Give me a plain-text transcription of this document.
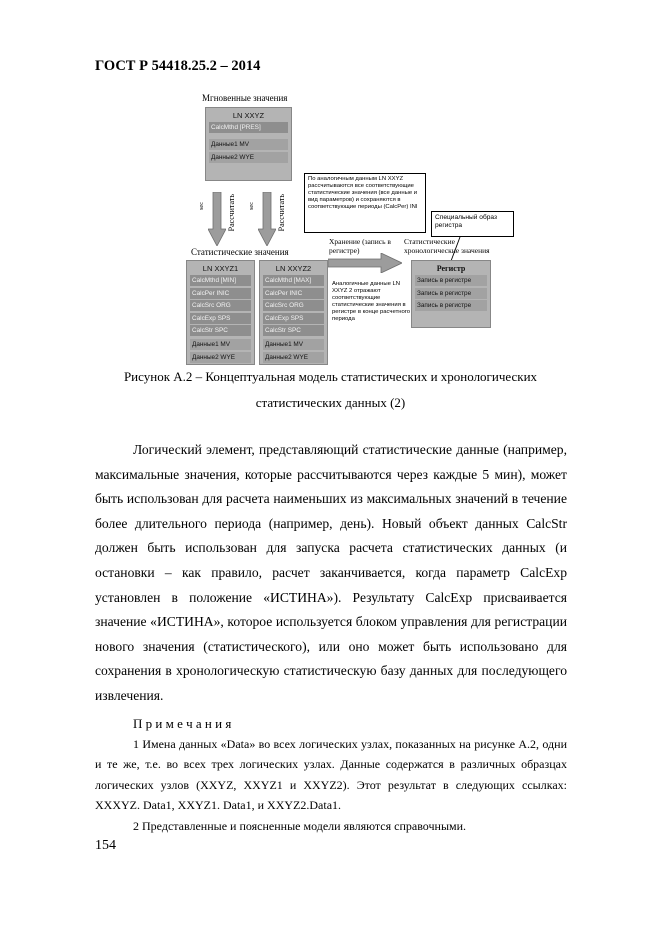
ГОСТ Р 54418.25.2 – 2014
Мгновенные значения
LN XXYZ
CalcMthd [PRES]
Данные1 MV
Данные2 WYE
sec	Рассчитать sec	Рассчитать
По аналогичным данным LN XXYZ рассчитываются все соответствующие статистические значения (все данные и вид параметров) и сохраняются в соответствующие периоды (CalcPer) INI
Специальный образ регистра
Статистические значения
Хранение (запись в регистре)
Статистические хронологические значения
LN XXYZ1
CalcMthd [MIN]
CalcPer INIC
CalcSrc ORG
CalcExp SPS
CalcStr SPC
Данные1 MV
Данные2 WYE
LN XXYZ2
CalcMthd [MAX]
CalcPer INIC
CalcSrc ORG
CalcExp SPS
CalcStr SPC
Данные1 MV
Данные2 WYE
Аналогичные данные LN XXYZ 2 отражают соответствующие статистические значения в регистре в конце расчетного периода
Регистр
Запись в регистре
Запись в регистре
Запись в регистре
Рисунок А.2 – Концептуальная модель статистических и хронологических
статистических данных (2)

Логический элемент, представляющий статистические данные (например, максимальные значения, которые рассчитываются через каждые 5 мин), может быть использован для расчета наименьших из максимальных значений в течение более длительного периода (например, день). Новый объект данных CalcStr должен быть использован для запуска расчета статистических данных (и остановки – как правило, расчет заканчивается, когда параметр CalcExp установлен в положение «ИСТИНА»). Результату CalcExp присваивается значение «ИСТИНА», которое используется блоком управления для регистрации нового значения (статистического), или оно может быть использовано для сохранения в хронологическую статистическую базу данных для последующего извлечения.

П р и м е ч а н и я
1 Имена данных «Data» во всех логических узлах, показанных на рисунке А.2, одни и те же, т.е. во всех трех логических узлах. Данные содержатся в различных образцах логических узлов (XXYZ, XXYZ1 и XXYZ2). Этот результат в следующих ссылках: XXXYZ. Data1, XXYZ1. Data1, и XXYZ2.Data1.
2 Представленные и поясненные модели являются справочными.
154
